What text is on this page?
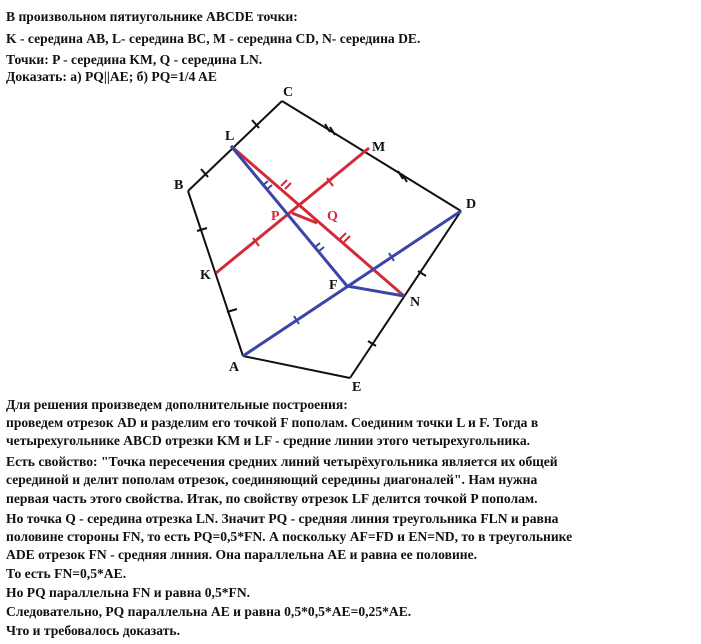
В произвольном пятиугольнике ABCDE точки:
K - середина AB, L- середина BC, M - середина CD, N- середина DE.
Точки: P - середина KM, Q - середина LN.
Доказать: а) PQ||AE; б) PQ=1/4 AE
A
B
C
D
E
K
L
M
N
F
P	Q
Для решения произведем дополнительные построения:
проведем отрезок AD и разделим его точкой F пополам. Соединим точки L и F. Тогда в
четырехугольнике ABCD отрезки KM и LF - средние линии этого четырехугольника.
Есть свойство: "Точка пересечения средних линий четырёхугольника является их общей
серединой и делит пополам отрезок, соединяющий середины диагоналей". Нам нужна
первая часть этого свойства. Итак, по свойству отрезок LF делится точкой P пополам.
Но точка Q - середина отрезка LN. Значит PQ - средняя линия треугольника FLN и равна
половине стороны FN, то есть PQ=0,5*FN. А поскольку AF=FD и EN=ND, то в треугольнике
ADE отрезок FN - средняя линия. Она параллельна AE и равна ее половине.
То есть FN=0,5*AE.
Но PQ параллельна FN и равна 0,5*FN.
Следовательно, PQ параллельна AE и равна 0,5*0,5*AE=0,25*AE.
Что и требовалось доказать.
